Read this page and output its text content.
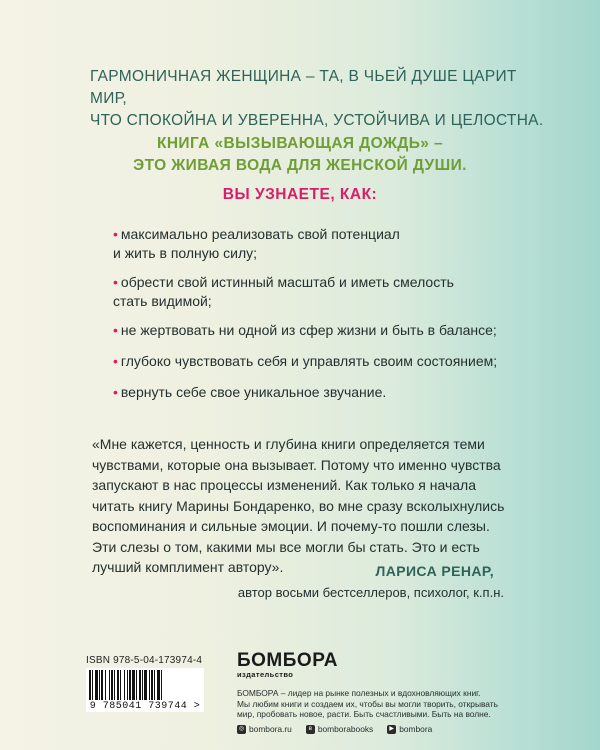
ГАРМОНИЧНАЯ ЖЕНЩИНА – ТА, В ЧЬЕЙ ДУШЕ ЦАРИТ МИР,
ЧТО СПОКОЙНА И УВЕРЕННА, УСТОЙЧИВА И ЦЕЛОСТНА.
КНИГА «ВЫЗЫВАЮЩАЯ ДОЖДЬ» –
ЭТО ЖИВАЯ ВОДА ДЛЯ ЖЕНСКОЙ ДУШИ.
ВЫ УЗНАЕТЕ, КАК:
• максимально реализовать свой потенциал
и жить в полную силу;
• обрести свой истинный масштаб и иметь смелость
стать видимой;
• не жертвовать ни одной из сфер жизни и быть в балансе;
• глубоко чувствовать себя и управлять своим состоянием;
• вернуть себе свое уникальное звучание.
«Мне кажется, ценность и глубина книги определяется теми
чувствами, которые она вызывает. Потому что именно чувства
запускают в нас процессы изменений. Как только я начала
читать книгу Марины Бондаренко, во мне сразу всколыхнулись
воспоминания и сильные эмоции. И почему-то пошли слезы.
Эти слезы о том, какими мы все могли бы стать. Это и есть
лучший комплимент автору».	ЛАРИСА РЕНАР,
автор восьми бестселлеров, психолог, к.п.н.
ISBN 978-5-04-173974-4
9 785041 739744 >
БОМБОРА
издательство
БОМБОРА – лидер на рынке полезных и вдохновляющих книг.
Мы любим книги и создаем их, чтобы вы могли творить, открывать
мир, пробовать новое, расти. Быть счастливыми. Быть на волне.
◎ bombora.ru	в bomborabooks	▶ bombora
